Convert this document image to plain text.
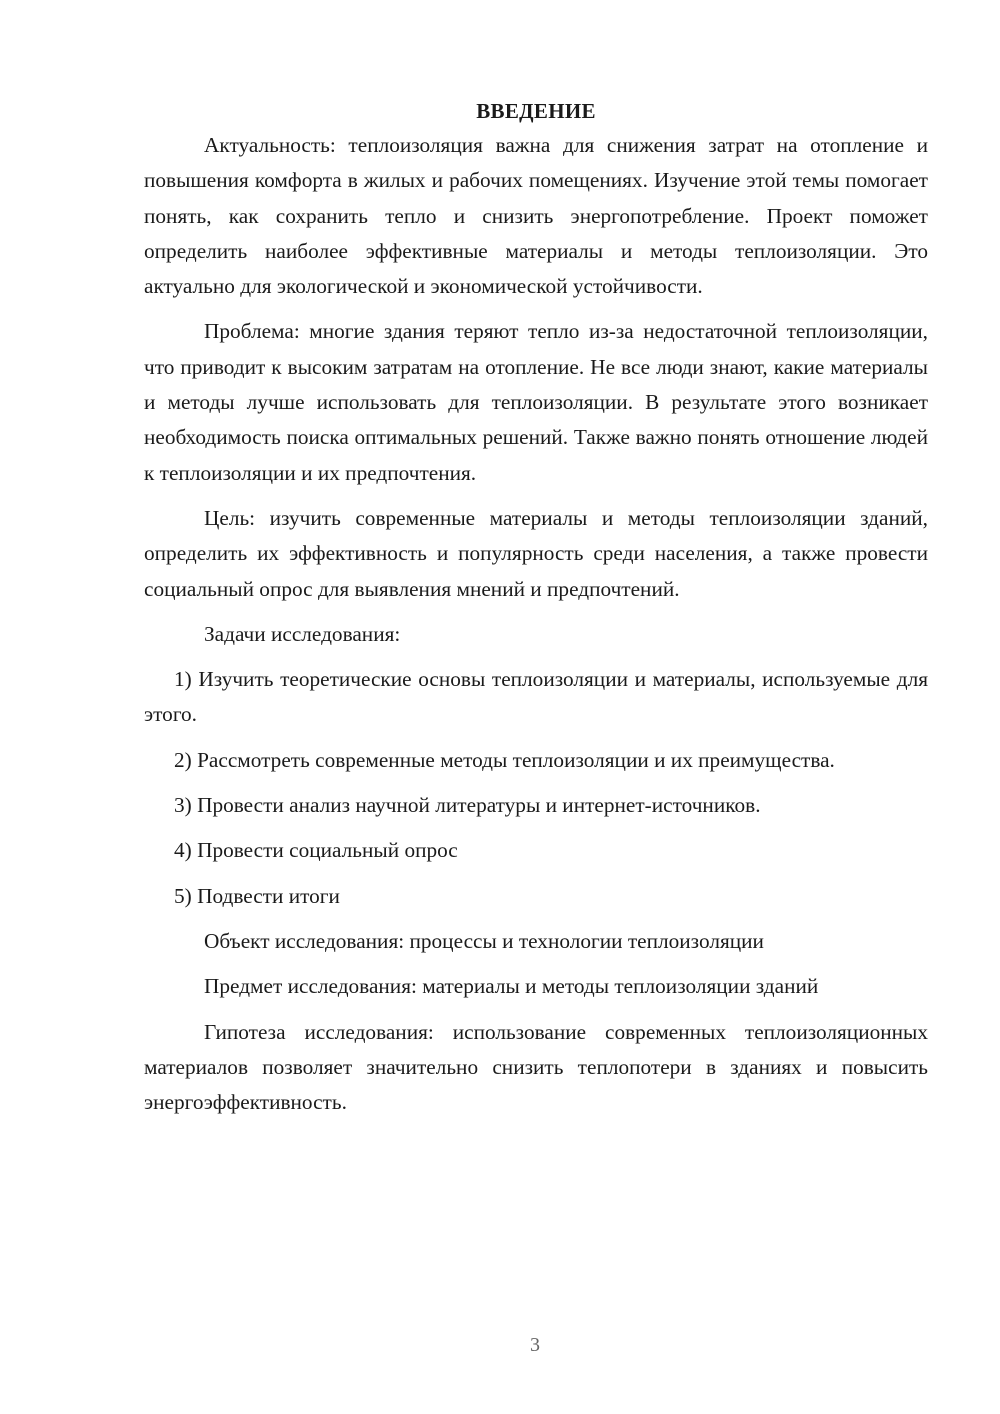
ВВЕДЕНИЕ

Актуальность: теплоизоляция важна для снижения затрат на отопление и повышения комфорта в жилых и рабочих помещениях. Изучение этой темы помогает понять, как сохранить тепло и снизить энергопотребление. Проект поможет определить наиболее эффективные материалы и методы теплоизоляции. Это актуально для экологической и экономической устойчивости.

Проблема: многие здания теряют тепло из-за недостаточной теплоизоляции, что приводит к высоким затратам на отопление. Не все люди знают, какие материалы и методы лучше использовать для теплоизоляции. В результате этого возникает необходимость поиска оптимальных решений. Также важно понять отношение людей к теплоизоляции и их предпочтения.

Цель: изучить современные материалы и методы теплоизоляции зданий, определить их эффективность и популярность среди населения, а также провести социальный опрос для выявления мнений и предпочтений.

Задачи исследования:

1) Изучить теоретические основы теплоизоляции и материалы, используемые для этого.

2) Рассмотреть современные методы теплоизоляции и их преимущества.

3) Провести анализ научной литературы и интернет-источников.

4) Провести социальный опрос

5) Подвести итоги

Объект исследования: процессы и технологии теплоизоляции

Предмет исследования: материалы и методы теплоизоляции зданий

Гипотеза исследования: использование современных теплоизоляционных материалов позволяет значительно снизить теплопотери в зданиях и повысить энергоэффективность.

3
